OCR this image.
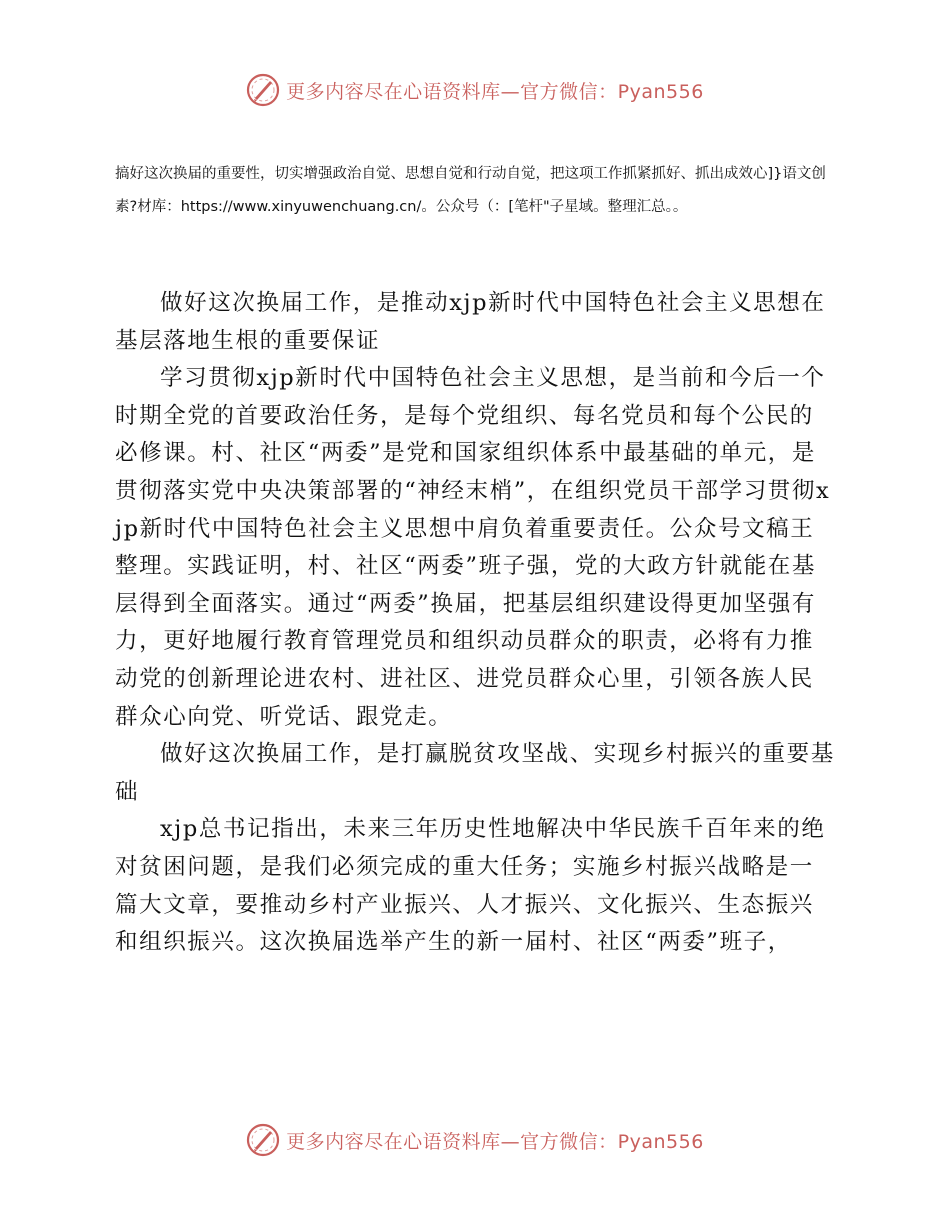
更多内容尽在心语资料库—官方微信：Pyan556
搞好这次换届的重要性，切实增强政治自觉、思想自觉和行动自觉，把这项工作抓紧抓好、抓出成效心]}语文创素?材库：https://www.xinyuwenchuang.cn/。公众号（：[笔杆"子星域。整理汇总。。

做好这次换届工作，是推动xjp新时代中国特色社会主义思想在基层落地生根的重要保证

学习贯彻xjp新时代中国特色社会主义思想，是当前和今后一个时期全党的首要政治任务，是每个党组织、每名党员和每个公民的必修课。村、社区“两委”是党和国家组织体系中最基础的单元，是贯彻落实党中央决策部署的“神经末梢”，在组织党员干部学习贯彻xjp新时代中国特色社会主义思想中肩负着重要责任。公众号文稿王整理。实践证明，村、社区“两委”班子强，党的大政方针就能在基层得到全面落实。通过“两委”换届，把基层组织建设得更加坚强有力，更好地履行教育管理党员和组织动员群众的职责，必将有力推动党的创新理论进农村、进社区、进党员群众心里，引领各族人民群众心向党、听党话、跟党走。

做好这次换届工作，是打赢脱贫攻坚战、实现乡村振兴的重要基础

xjp总书记指出，未来三年历史性地解决中华民族千百年来的绝对贫困问题，是我们必须完成的重大任务；实施乡村振兴战略是一篇大文章，要推动乡村产业振兴、人才振兴、文化振兴、生态振兴和组织振兴。这次换届选举产生的新一届村、社区“两委”班子，

更多内容尽在心语资料库—官方微信：Pyan556
